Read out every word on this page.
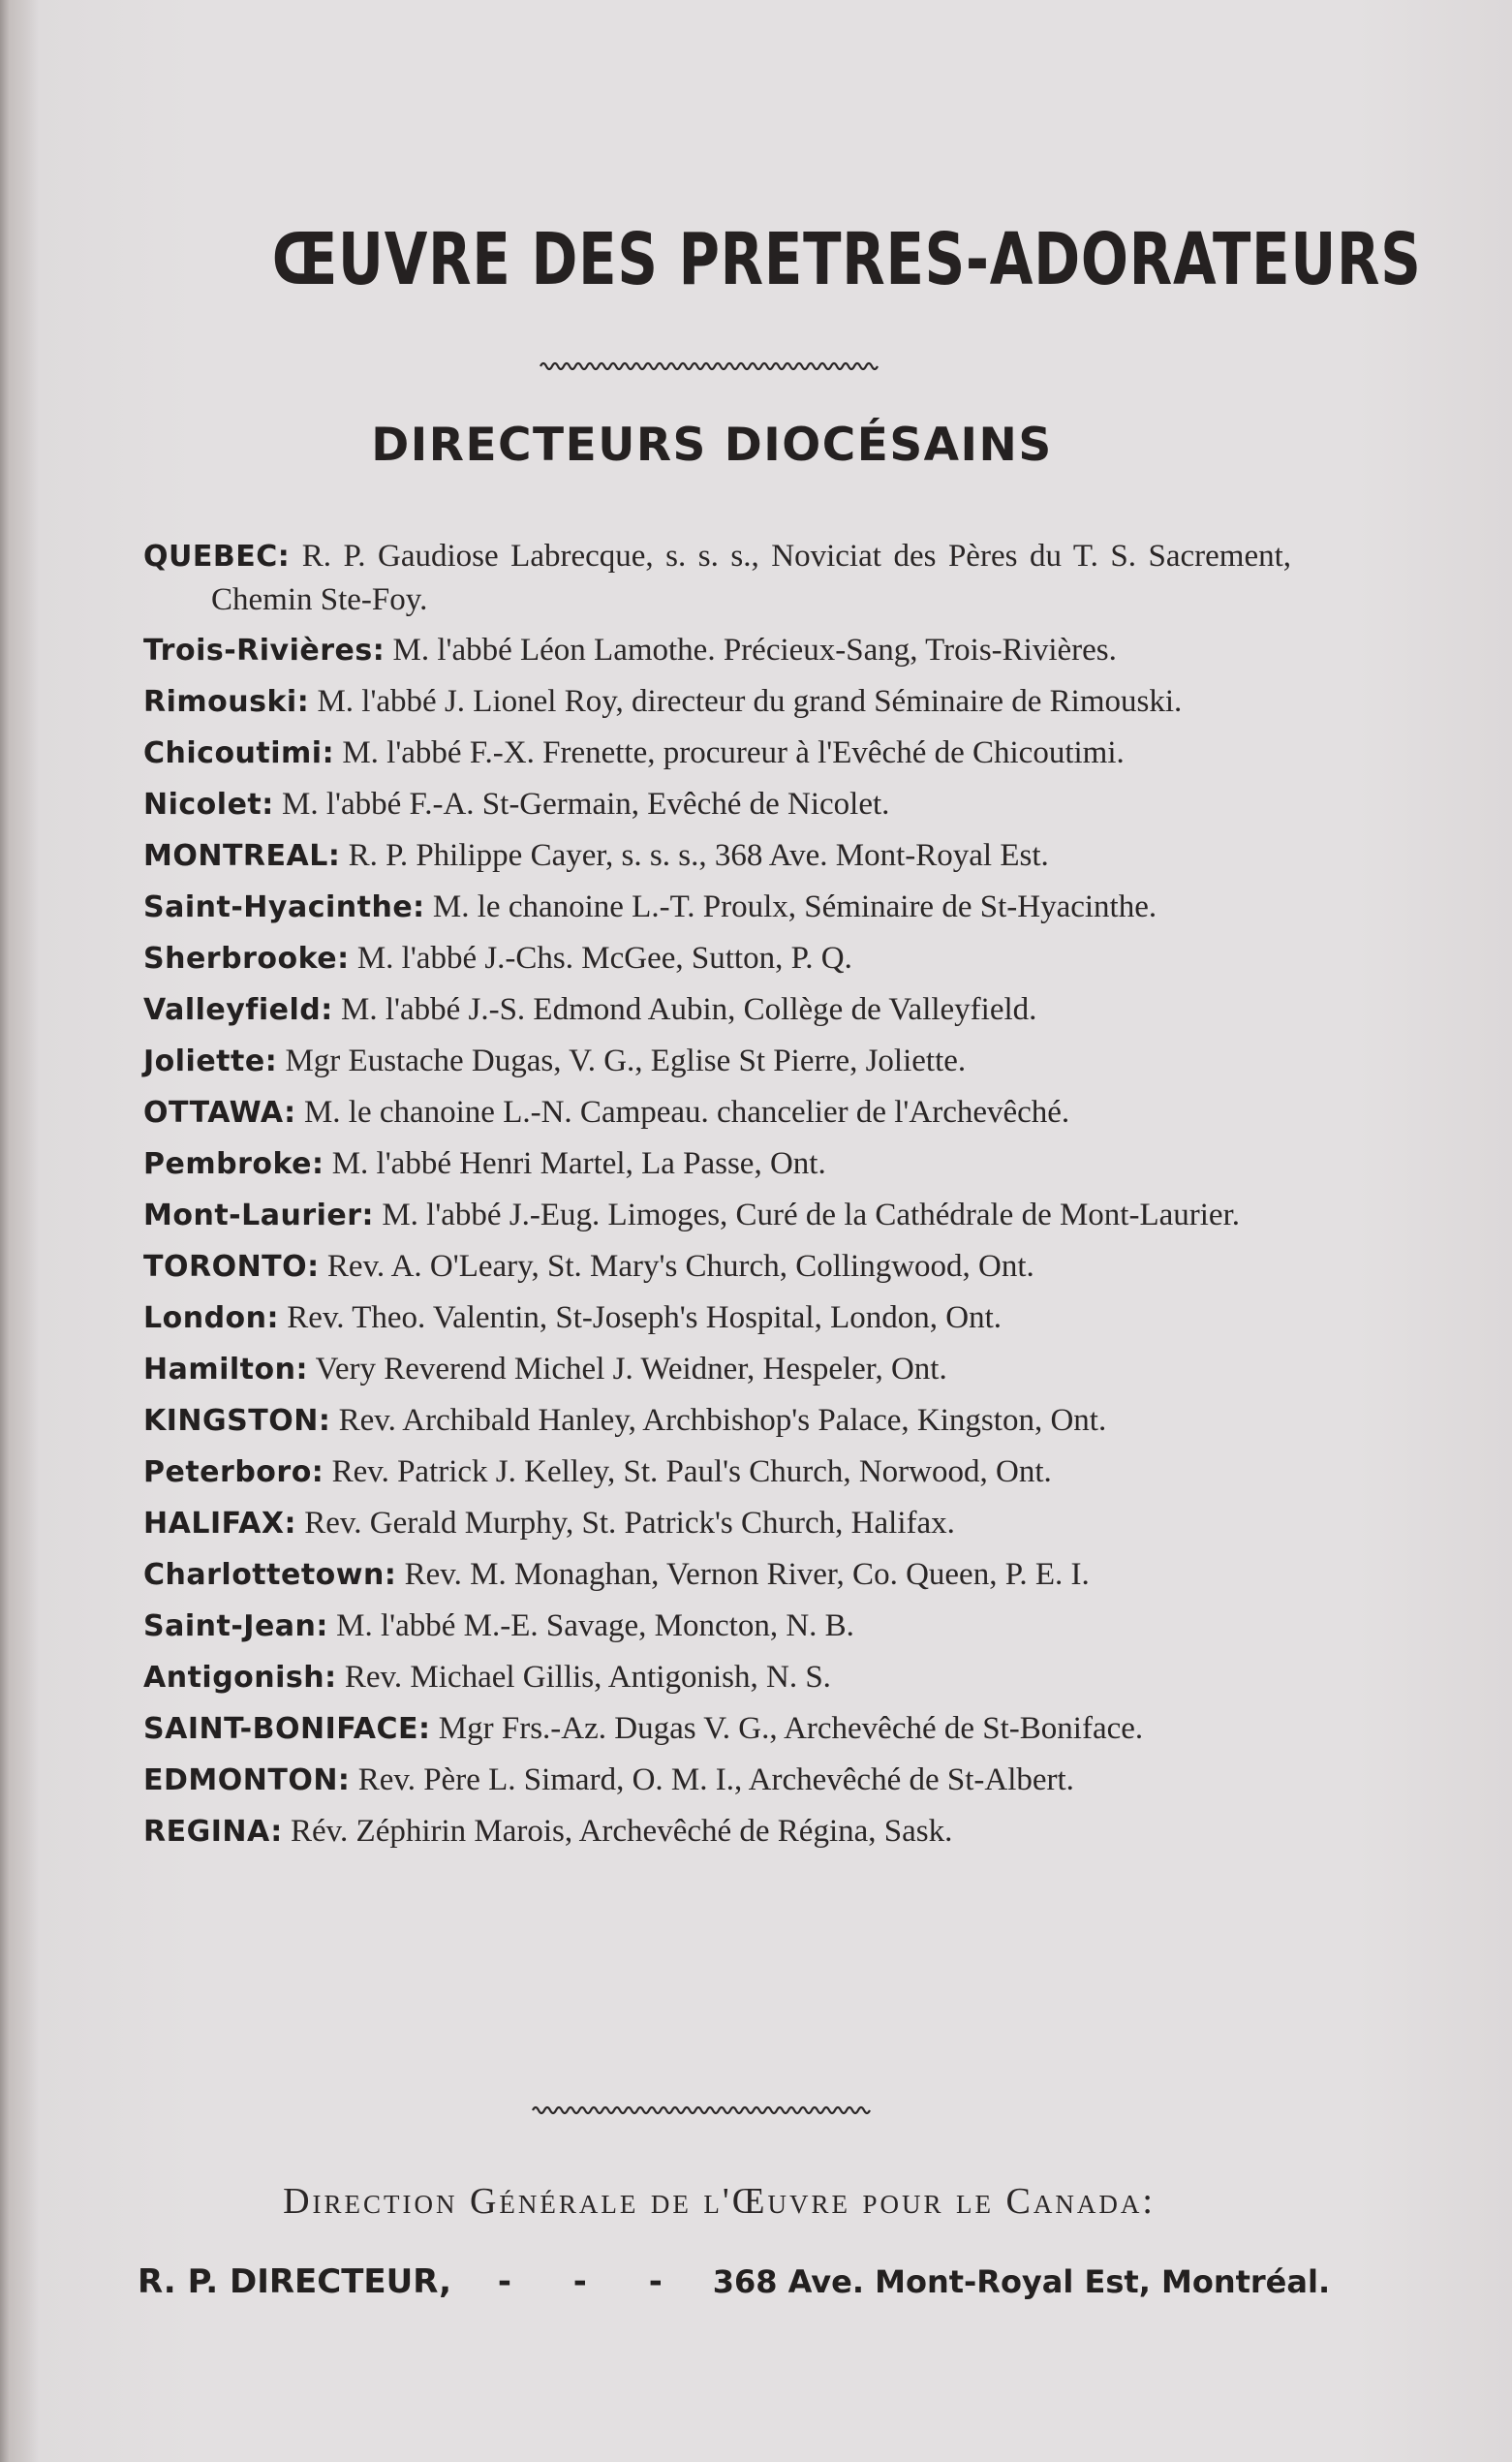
ŒUVRE DES PRETRES-ADORATEURS
DIRECTEURS DIOCÉSAINS
QUEBEC: R. P. Gaudiose Labrecque, s. s. s., Noviciat des Pères du T. S. Sacrement, Chemin Ste-Foy.
Trois-Rivières: M. l'abbé Léon Lamothe. Précieux-Sang, Trois-Rivières.
Rimouski: M. l'abbé J. Lionel Roy, directeur du grand Séminaire de Rimouski.
Chicoutimi: M. l'abbé F.-X. Frenette, procureur à l'Evêché de Chicoutimi.
Nicolet: M. l'abbé F.-A. St-Germain, Evêché de Nicolet.
MONTREAL: R. P. Philippe Cayer, s. s. s., 368 Ave. Mont-Royal Est.
Saint-Hyacinthe: M. le chanoine L.-T. Proulx, Séminaire de St-Hyacinthe.
Sherbrooke: M. l'abbé J.-Chs. McGee, Sutton, P. Q.
Valleyfield: M. l'abbé J.-S. Edmond Aubin, Collège de Valleyfield.
Joliette: Mgr Eustache Dugas, V. G., Eglise St Pierre, Joliette.
OTTAWA: M. le chanoine L.-N. Campeau. chancelier de l'Archevêché.
Pembroke: M. l'abbé Henri Martel, La Passe, Ont.
Mont-Laurier: M. l'abbé J.-Eug. Limoges, Curé de la Cathédrale de Mont-Laurier.
TORONTO: Rev. A. O'Leary, St. Mary's Church, Collingwood, Ont.
London: Rev. Theo. Valentin, St-Joseph's Hospital, London, Ont.
Hamilton: Very Reverend Michel J. Weidner, Hespeler, Ont.
KINGSTON: Rev. Archibald Hanley, Archbishop's Palace, Kingston, Ont.
Peterboro: Rev. Patrick J. Kelley, St. Paul's Church, Norwood, Ont.
HALIFAX: Rev. Gerald Murphy, St. Patrick's Church, Halifax.
Charlottetown: Rev. M. Monaghan, Vernon River, Co. Queen, P. E. I.
Saint-Jean: M. l'abbé M.-E. Savage, Moncton, N. B.
Antigonish: Rev. Michael Gillis, Antigonish, N. S.
SAINT-BONIFACE: Mgr Frs.-Az. Dugas V. G., Archevêché de St-Boniface.
EDMONTON: Rev. Père L. Simard, O. M. I., Archevêché de St-Albert.
REGINA: Rév. Zéphirin Marois, Archevêché de Régina, Sask.
Direction Générale de l'Œuvre pour le Canada:
R. P. DIRECTEUR, - - - 368 Ave. Mont-Royal Est, Montréal.
